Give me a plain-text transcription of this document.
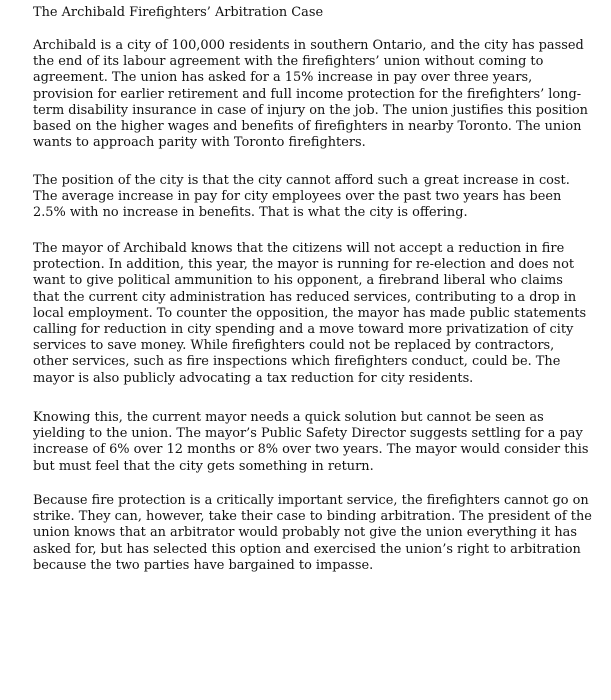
The Archibald Firefighters’ Arbitration Case

Archibald is a city of 100,000 residents in southern Ontario, and the city has passed the end of its labour agreement with the firefighters’ union without coming to agreement. The union has asked for a 15% increase in pay over three years, provision for earlier retirement and full income protection for the firefighters’ long-term disability insurance in case of injury on the job. The union justifies this position based on the higher wages and benefits of firefighters in nearby Toronto. The union wants to approach parity with Toronto firefighters.

The position of the city is that the city cannot afford such a great increase in cost. The average increase in pay for city employees over the past two years has been 2.5% with no increase in benefits. That is what the city is offering.

The mayor of Archibald knows that the citizens will not accept a reduction in fire protection. In addition, this year, the mayor is running for re-election and does not want to give political ammunition to his opponent, a firebrand liberal who claims that the current city administration has reduced services, contributing to a drop in local employment. To counter the opposition, the mayor has made public statements calling for reduction in city spending and a move toward more privatization of city services to save money. While firefighters could not be replaced by contractors, other services, such as fire inspections which firefighters conduct, could be. The mayor is also publicly advocating a tax reduction for city residents.

Knowing this, the current mayor needs a quick solution but cannot be seen as yielding to the union. The mayor’s Public Safety Director suggests settling for a pay increase of 6% over 12 months or 8% over two years. The mayor would consider this but must feel that the city gets something in return.

Because fire protection is a critically important service, the firefighters cannot go on strike. They can, however, take their case to binding arbitration. The president of the union knows that an arbitrator would probably not give the union everything it has asked for, but has selected this option and exercised the union’s right to arbitration because the two parties have bargained to impasse.
